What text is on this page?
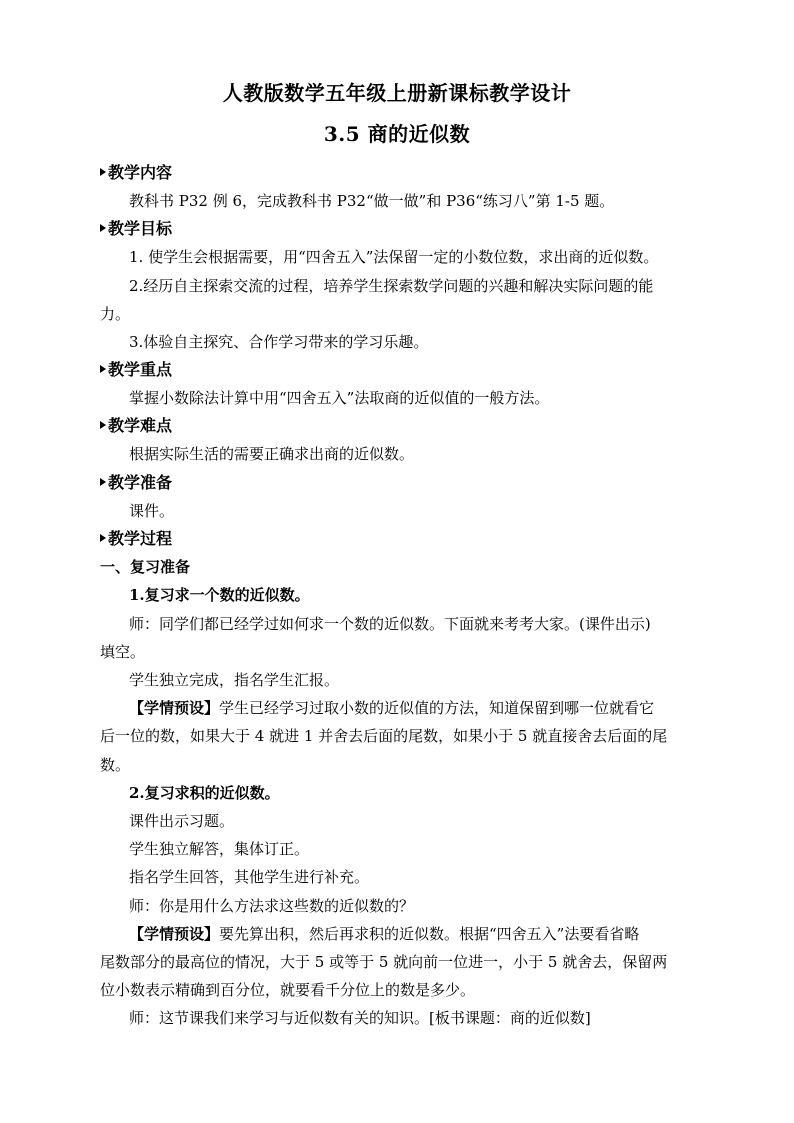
人教版数学五年级上册新课标教学设计
3.5 商的近似数
教学内容
教科书 P32 例 6，完成教科书 P32“做一做”和 P36“练习八”第 1-5 题。
教学目标
1. 使学生会根据需要，用“四舍五入”法保留一定的小数位数，求出商的近似数。
2.经历自主探索交流的过程，培养学生探索数学问题的兴趣和解决实际问题的能
力。
3.体验自主探究、合作学习带来的学习乐趣。
教学重点
掌握小数除法计算中用“四舍五入”法取商的近似值的一般方法。
教学难点
根据实际生活的需要正确求出商的近似数。
教学准备
课件。
教学过程
一、复习准备
1.复习求一个数的近似数。
师：同学们都已经学过如何求一个数的近似数。下面就来考考大家。(课件出示)
填空。
学生独立完成，指名学生汇报。
【学情预设】学生已经学习过取小数的近似值的方法，知道保留到哪一位就看它
后一位的数，如果大于 4 就进 1 并舍去后面的尾数，如果小于 5 就直接舍去后面的尾
数。
2.复习求积的近似数。
课件出示习题。
学生独立解答，集体订正。
指名学生回答，其他学生进行补充。
师：你是用什么方法求这些数的近似数的？
【学情预设】要先算出积，然后再求积的近似数。根据“四舍五入”法要看省略
尾数部分的最高位的情况，大于 5 或等于 5 就向前一位进一，小于 5 就舍去，保留两
位小数表示精确到百分位，就要看千分位上的数是多少。
师：这节课我们来学习与近似数有关的知识。[板书课题：商的近似数]
